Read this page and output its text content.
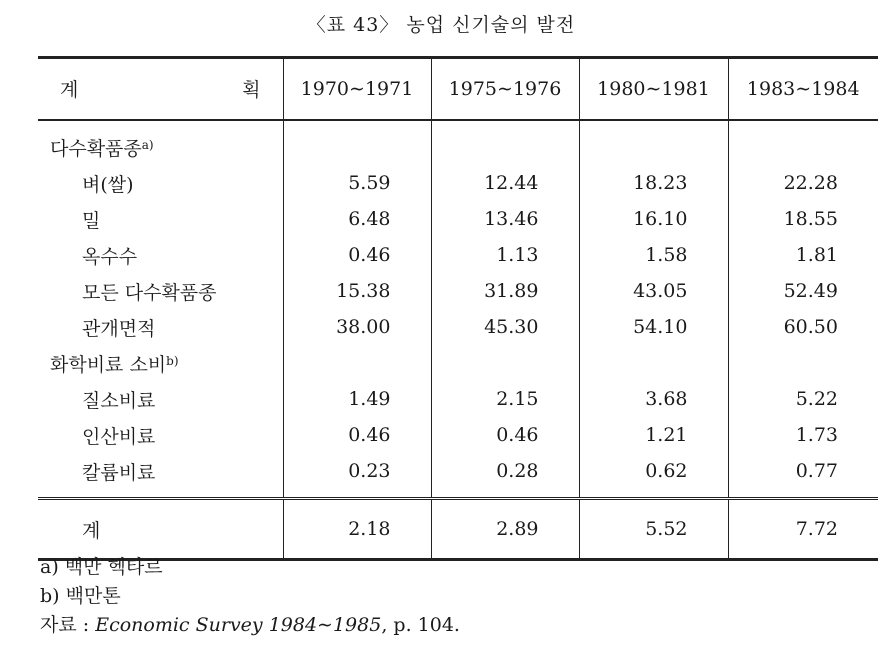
〈표 43〉 농업 신기술의 발전
계 획	1970∼1971	1975∼1976	1980∼1981	1983∼1984
다수확품종$^{a)}$				
벼(쌀)	5.59	12.44	18.23	22.28
밀	6.48	13.46	16.10	18.55
옥수수	0.46	1.13	1.58	1.81
모든 다수확품종	15.38	31.89	43.05	52.49
관개면적	38.00	45.30	54.10	60.50
화학비료 소비$^{b)}$				
질소비료	1.49	2.15	3.68	5.22
인산비료	0.46	0.46	1.21	1.73
칼륨비료	0.23	0.28	0.62	0.77
계	2.18	2.89	5.52	7.72
a) 백만 헥타르
b) 백만톤
자료 : Economic Survey 1984∼1985, p. 104.
